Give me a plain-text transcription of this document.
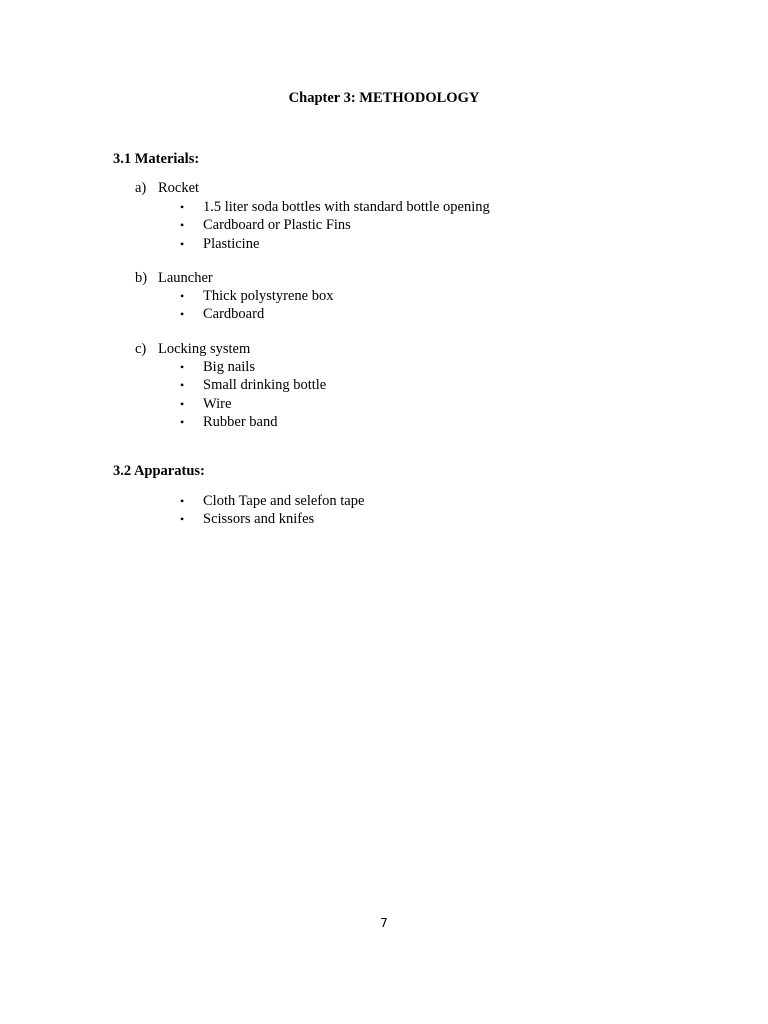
Chapter 3: METHODOLOGY
3.1 Materials:
a) Rocket
• 1.5 liter soda bottles with standard bottle opening
• Cardboard or Plastic Fins
• Plasticine
b) Launcher
• Thick polystyrene box
• Cardboard
c) Locking system
• Big nails
• Small drinking bottle
• Wire
• Rubber band
3.2 Apparatus:
• Cloth Tape and selefon tape
• Scissors and knifes
7
